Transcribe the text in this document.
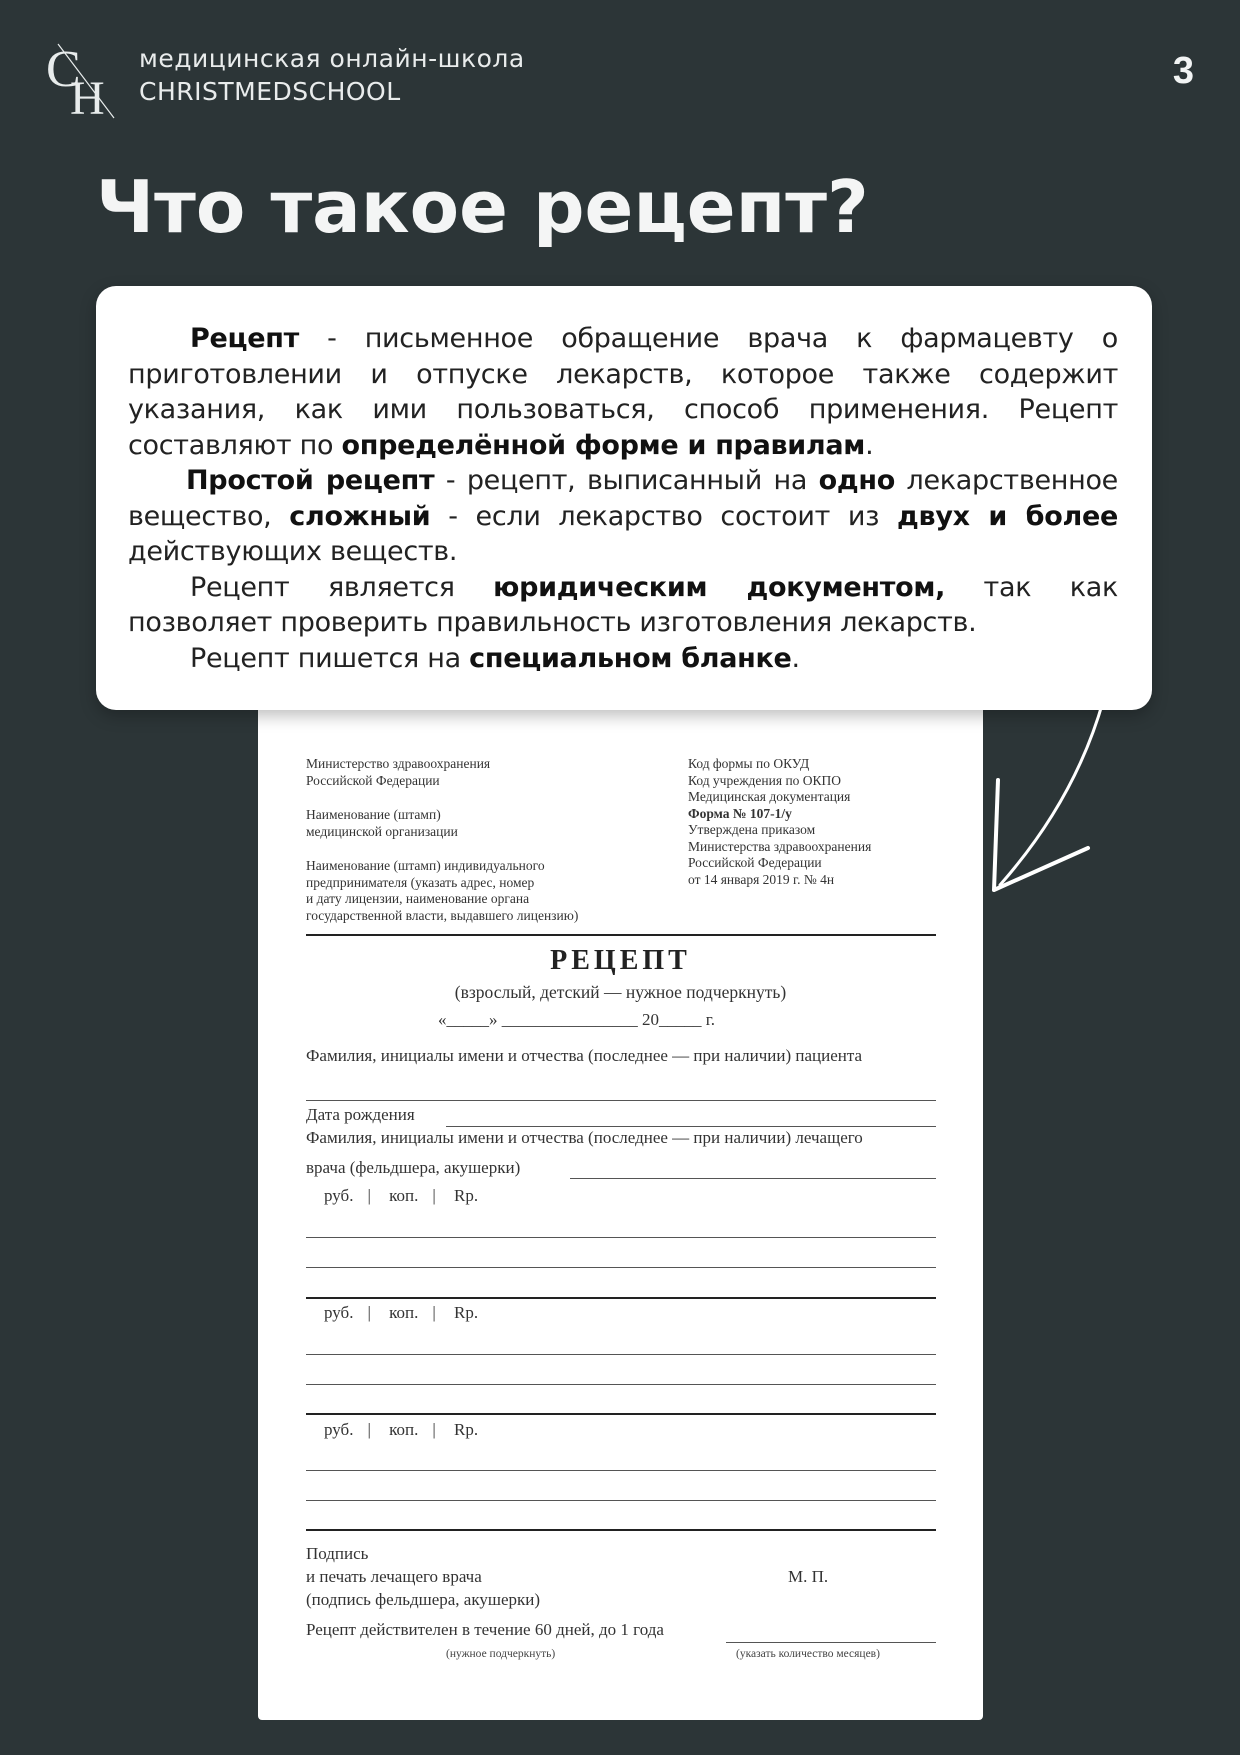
C
H
медицинская онлайн-школа
CHRISTMEDSCHOOL	3
Что такое рецепт?
Министерство здравоохранения
Российской Федерации
Наименование (штамп)
медицинской организации
Наименование (штамп) индивидуального
предпринимателя (указать адрес, номер
и дату лицензии, наименование органа
государственной власти, выдавшего лицензию)
Код формы по ОКУД
Код учреждения по ОКПО
Медицинская документация
Форма № 107-1/у
Утверждена приказом
Министерства здравоохранения
Российской Федерации
от 14 января 2019 г. № 4н
РЕЦЕПТ
(взрослый, детский — нужное подчеркнуть)
«_____» ________________ 20_____ г.
Фамилия, инициалы имени и отчества (последнее — при наличии) пациента
Дата рождения
Фамилия, инициалы имени и отчества (последнее — при наличии) лечащего
врача (фельдшера, акушерки)
руб. | коп. | Rp.
руб. | коп. | Rp.
руб. | коп. | Rp.
Подпись
и печать лечащего врача
(подпись фельдшера, акушерки)
М. П.
Рецепт действителен в течение 60 дней, до 1 года
(нужное подчеркнуть)	(указать количество месяцев)

Рецепт - письменное обращение врача к фармацевту о приготовлении и отпуске лекарств, которое также содержит указания, как ими пользоваться, способ применения. Рецепт составляют по определённой форме и правилам.

Простой рецепт - рецепт, выписанный на одно лекарственное вещество, сложный - если лекарство состоит из двух и более действующих веществ.

Рецепт является юридическим документом, так как позволяет проверить правильность изготовления лекарств.

Рецепт пишется на специальном бланке.
